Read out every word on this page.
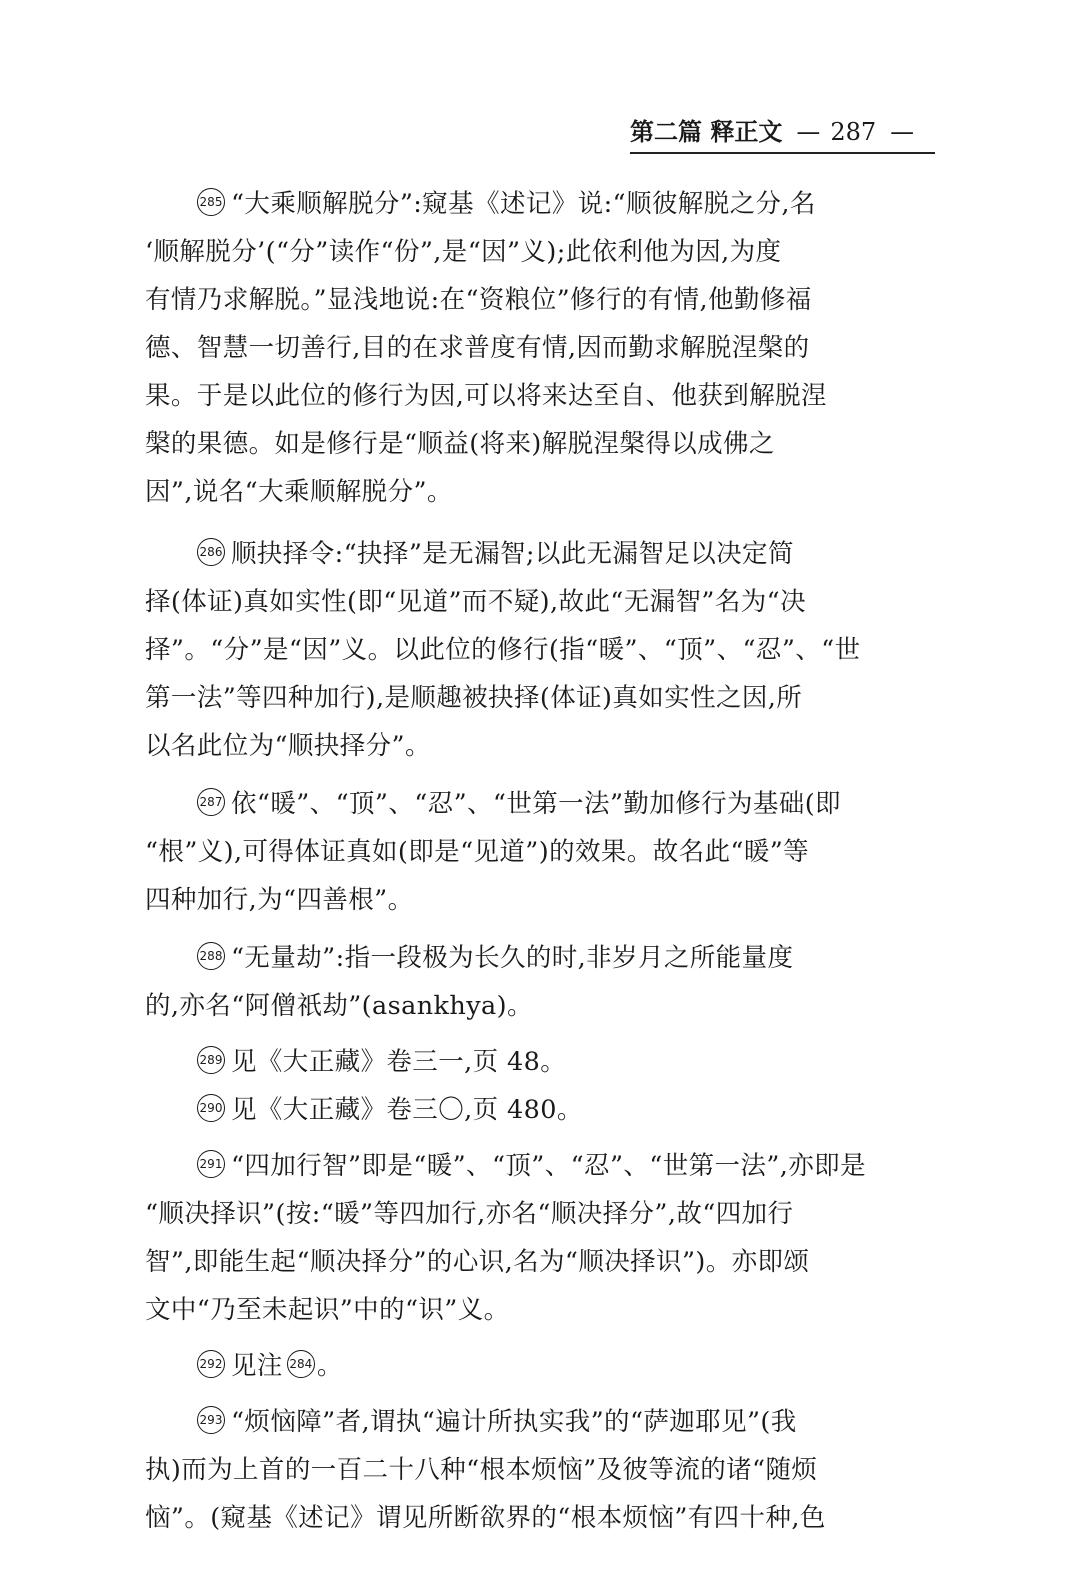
第二篇 释正文 — 287 —
285 “大乘顺解脱分”:窥基《述记》说:“顺彼解脱之分,名
‘顺解脱分’(“分”读作“份”,是“因”义);此依利他为因,为度
有情乃求解脱。”显浅地说:在“资粮位”修行的有情,他勤修福
德、智慧一切善行,目的在求普度有情,因而勤求解脱涅槃的
果。于是以此位的修行为因,可以将来达至自、他获到解脱涅
槃的果德。如是修行是“顺益(将来)解脱涅槃得以成佛之
因”,说名“大乘顺解脱分”。
286 顺抉择令:“抉择”是无漏智;以此无漏智足以决定简
择(体证)真如实性(即“见道”而不疑),故此“无漏智”名为“决
择”。“分”是“因”义。以此位的修行(指“暖”、“顶”、“忍”、“世
第一法”等四种加行),是顺趣被抉择(体证)真如实性之因,所
以名此位为“顺抉择分”。
287 依“暖”、“顶”、“忍”、“世第一法”勤加修行为基础(即
“根”义),可得体证真如(即是“见道”)的效果。故名此“暖”等
四种加行,为“四善根”。
288 “无量劫”:指一段极为长久的时,非岁月之所能量度
的,亦名“阿僧祇劫”(asankhya)。
289 见《大正藏》卷三一,页 48。
290 见《大正藏》卷三〇,页 480。
291 “四加行智”即是“暖”、“顶”、“忍”、“世第一法”,亦即是
“顺决择识”(按:“暖”等四加行,亦名“顺决择分”,故“四加行
智”,即能生起“顺决择分”的心识,名为“顺决择识”)。亦即颂
文中“乃至未起识”中的“识”义。
292 见注 284 。
293 “烦恼障”者,谓执“遍计所执实我”的“萨迦耶见”(我
执)而为上首的一百二十八种“根本烦恼”及彼等流的诸“随烦
恼”。(窥基《述记》谓见所断欲界的“根本烦恼”有四十种,色
